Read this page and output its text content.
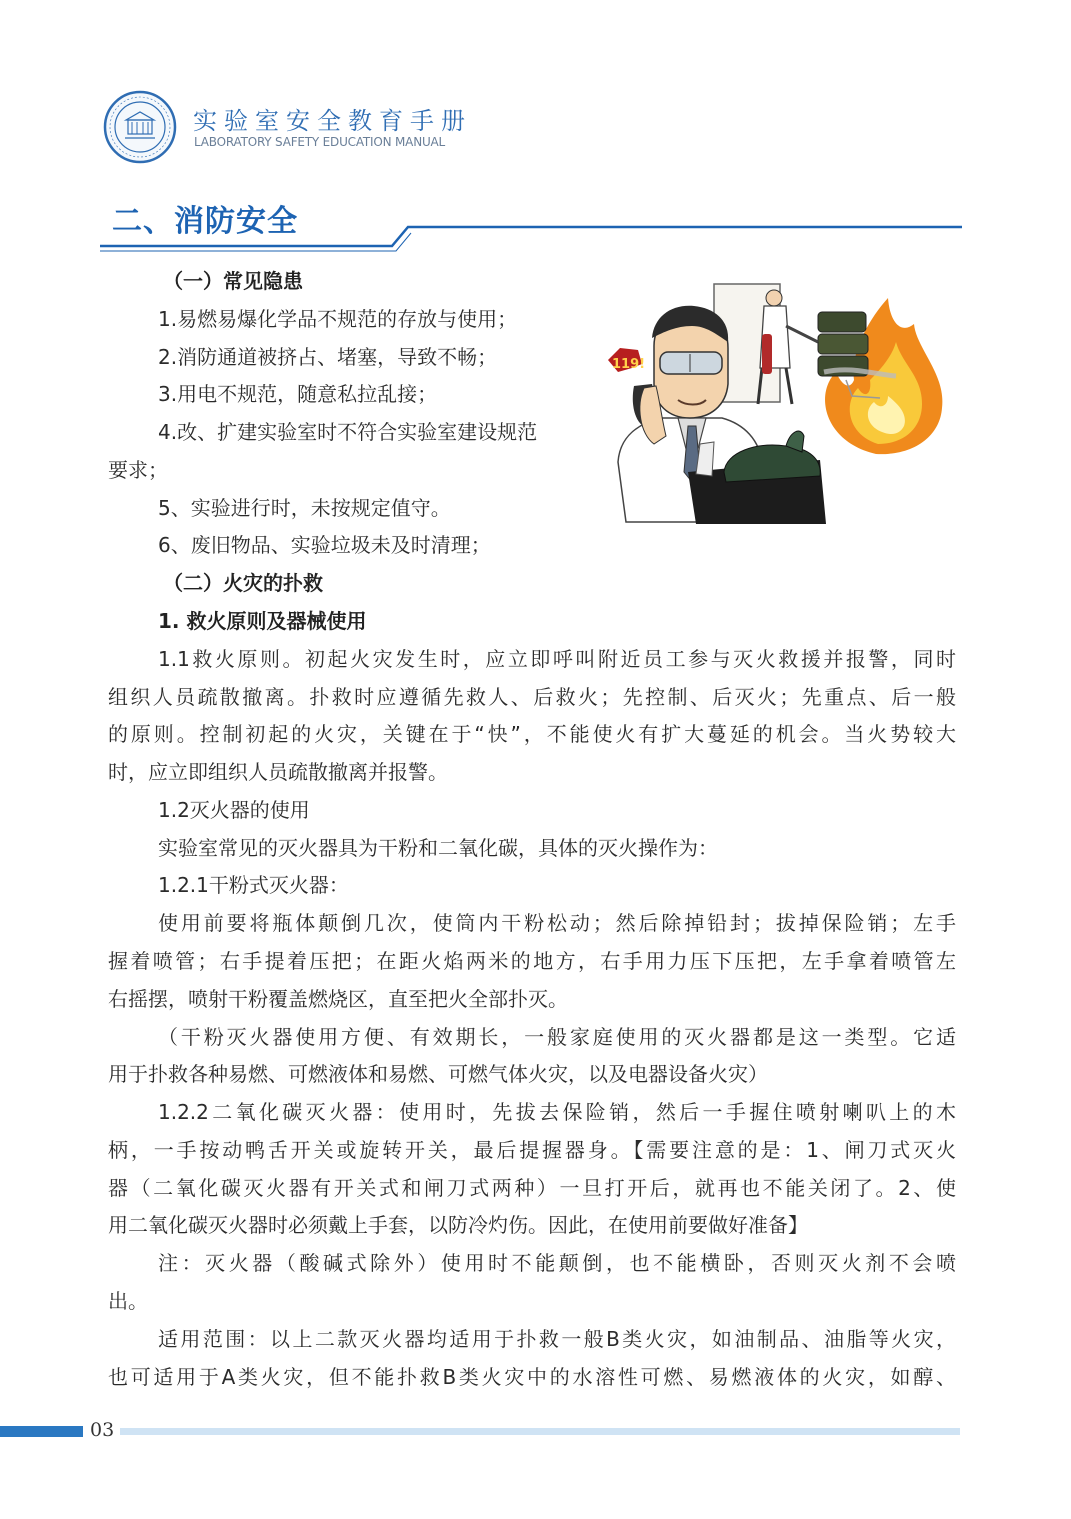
实验室安全教育手册
LABORATORY SAFETY EDUCATION MANUAL
二、消防安全
119!
（一）常见隐患
1.易燃易爆化学品不规范的存放与使用；
2.消防通道被挤占、堵塞，导致不畅；
3.用电不规范，随意私拉乱接；
4.改、扩建实验室时不符合实验室建设规范
要求；
5、实验进行时，未按规定值守。
6、废旧物品、实验垃圾未及时清理；
（二）火灾的扑救
1. 救火原则及器械使用
1.1救火原则。初起火灾发生时，应立即呼叫附近员工参与灭火救援并报警，同时
组织人员疏散撤离。扑救时应遵循先救人、后救火；先控制、后灭火；先重点、后一般
的原则。控制初起的火灾，关键在于“快”，不能使火有扩大蔓延的机会。当火势较大
时，应立即组织人员疏散撤离并报警。
1.2灭火器的使用
实验室常见的灭火器具为干粉和二氧化碳，具体的灭火操作为：
1.2.1干粉式灭火器：
使用前要将瓶体颠倒几次，使筒内干粉松动；然后除掉铅封；拔掉保险销；左手
握着喷管；右手提着压把；在距火焰两米的地方，右手用力压下压把，左手拿着喷管左
右摇摆，喷射干粉覆盖燃烧区，直至把火全部扑灭。
（干粉灭火器使用方便、有效期长，一般家庭使用的灭火器都是这一类型。它适
用于扑救各种易燃、可燃液体和易燃、可燃气体火灾，以及电器设备火灾）
1.2.2二氧化碳灭火器：使用时，先拔去保险销，然后一手握住喷射喇叭上的木
柄，一手按动鸭舌开关或旋转开关，最后提握器身。【需要注意的是：1、闸刀式灭火
器（二氧化碳灭火器有开关式和闸刀式两种）一旦打开后，就再也不能关闭了。2、使
用二氧化碳灭火器时必须戴上手套，以防冷灼伤。因此，在使用前要做好准备】
注：灭火器（酸碱式除外）使用时不能颠倒，也不能横卧，否则灭火剂不会喷
出。
适用范围：以上二款灭火器均适用于扑救一般B类火灾，如油制品、油脂等火灾，
也可适用于A类火灾，但不能扑救B类火灾中的水溶性可燃、易燃液体的火灾，如醇、
03
